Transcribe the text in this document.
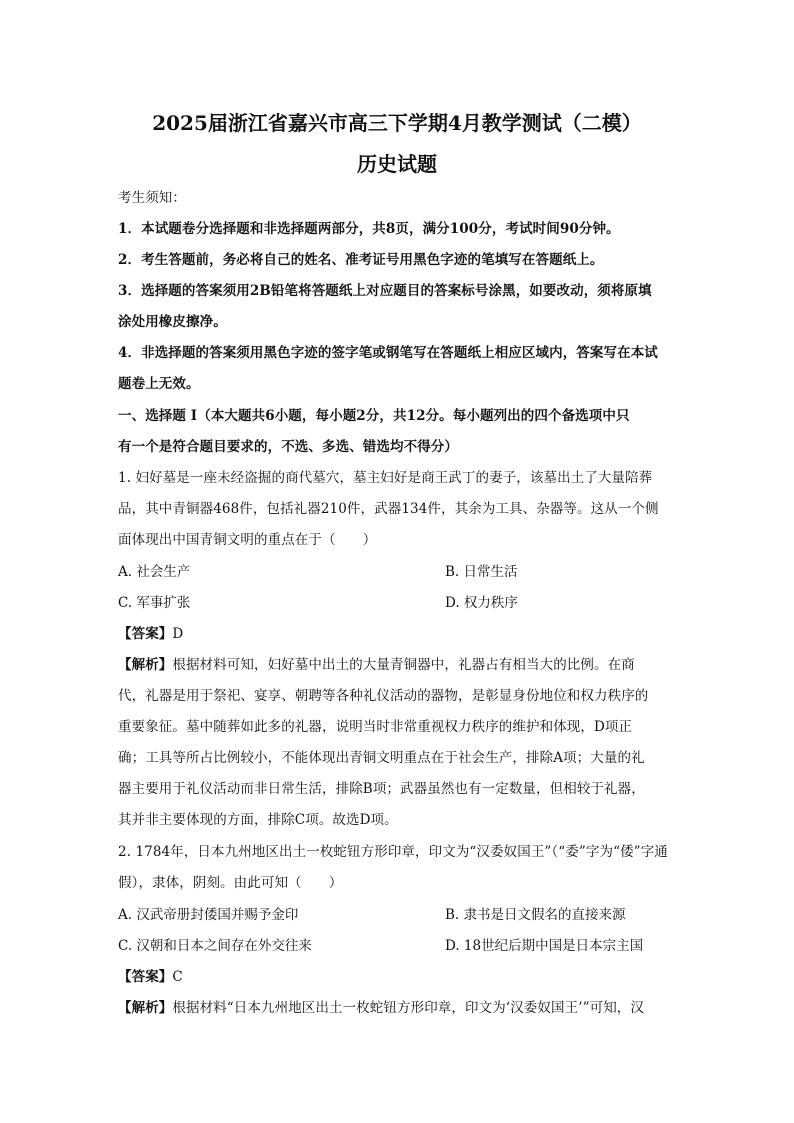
2025届浙江省嘉兴市高三下学期4月教学测试（二模）
历史试题
考生须知：
1．本试题卷分选择题和非选择题两部分，共8页，满分100分，考试时间90分钟。
2．考生答题前，务必将自己的姓名、准考证号用黑色字迹的笔填写在答题纸上。
3．选择题的答案须用2B铅笔将答题纸上对应题目的答案标号涂黑，如要改动，须将原填
涂处用橡皮擦净。
4．非选择题的答案须用黑色字迹的签字笔或钢笔写在答题纸上相应区域内，答案写在本试
题卷上无效。
一、选择题 Ⅰ（本大题共6小题，每小题2分，共12分。每小题列出的四个备选项中只
有一个是符合题目要求的，不选、多选、错选均不得分）
1. 妇好墓是一座未经盗掘的商代墓穴，墓主妇好是商王武丁的妻子，该墓出土了大量陪葬
品，其中青铜器468件，包括礼器210件，武器134件，其余为工具、杂器等。这从一个侧
面体现出中国青铜文明的重点在于（　　）
A. 社会生产	B. 日常生活
C. 军事扩张	D. 权力秩序
【答案】D
【解析】根据材料可知，妇好墓中出土的大量青铜器中，礼器占有相当大的比例。在商
代，礼器是用于祭祀、宴享、朝聘等各种礼仪活动的器物，是彰显身份地位和权力秩序的
重要象征。墓中随葬如此多的礼器，说明当时非常重视权力秩序的维护和体现，D项正
确；工具等所占比例较小，不能体现出青铜文明重点在于社会生产，排除A项；大量的礼
器主要用于礼仪活动而非日常生活，排除B项；武器虽然也有一定数量，但相较于礼器，
其并非主要体现的方面，排除C项。故选D项。
2. 1784年，日本九州地区出土一枚蛇钮方形印章，印文为“汉委奴国王”（“委”字为“倭”字通
假），隶体，阴刻。由此可知（　　）
A. 汉武帝册封倭国并赐予金印	B. 隶书是日文假名的直接来源
C. 汉朝和日本之间存在外交往来	D. 18世纪后期中国是日本宗主国
【答案】C
【解析】根据材料“日本九州地区出土一枚蛇钮方形印章，印文为‘汉委奴国王’”可知，汉
